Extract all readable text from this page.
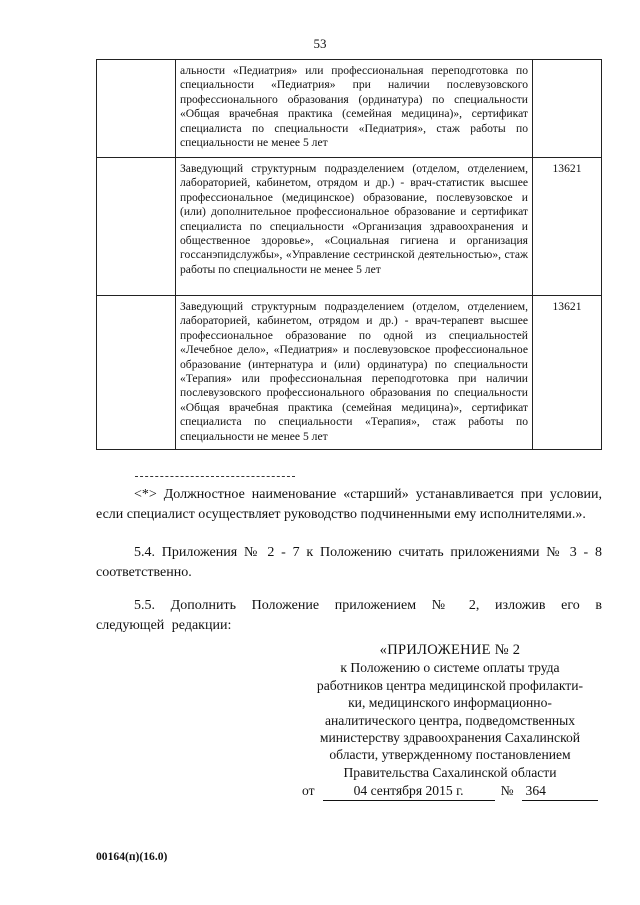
53
	альности «Педиатрия» или профессиональная переподготовка по специальности «Педиатрия» при наличии послевузовского профессионального образования (ординатура) по специальности «Общая врачебная практика (семейная медицина)», сертификат специалиста по специальности «Педиатрия», стаж работы по специальности не менее 5 лет	
	Заведующий структурным подразделением (отделом, отделением, лабораторией, кабинетом, отрядом и др.) - врач-статистик высшее профессиональное (медицинское) образование, послевузовское и (или) дополнительное профессиональное образование и сертификат специалиста по специальности «Организация здравоохранения и общественное здоровье», «Социальная гигиена и организация госсанэпидслужбы», «Управление сестринской деятельностью», стаж работы по специальности не менее 5 лет	13621
	Заведующий структурным подразделением (отделом, отделением, лабораторией, кабинетом, отрядом и др.) - врач-терапевт высшее профессиональное образование по одной из специальностей «Лечебное дело», «Педиатрия» и послевузовское профессиональное образование (интернатура и (или) ординатура) по специальности «Терапия» или профессиональная переподготовка при наличии послевузовского профессионального образования по специальности «Общая врачебная практика (семейная медицина)», сертификат специалиста по специальности «Терапия», стаж работы по специальности не менее 5 лет	13621
<*> Должностное наименование «старший» устанавливается при условии, если специалист осуществляет руководство подчиненными ему исполнителями.».
5.4. Приложения № 2 - 7 к Положению считать приложениями № 3 - 8 соответственно.
5.5. Дополнить Положение приложением № 2, изложив его в следующей редакции:
«ПРИЛОЖЕНИЕ № 2
к Положению о системе оплаты труда
работников центра медицинской профилакти-
ки, медицинского информационно-
аналитического центра, подведомственных
министерству здравоохранения Сахалинской
области, утвержденному постановлением
Правительства Сахалинской области
от	04 сентября 2015 г.	№ 364
00164(п)(16.0)
